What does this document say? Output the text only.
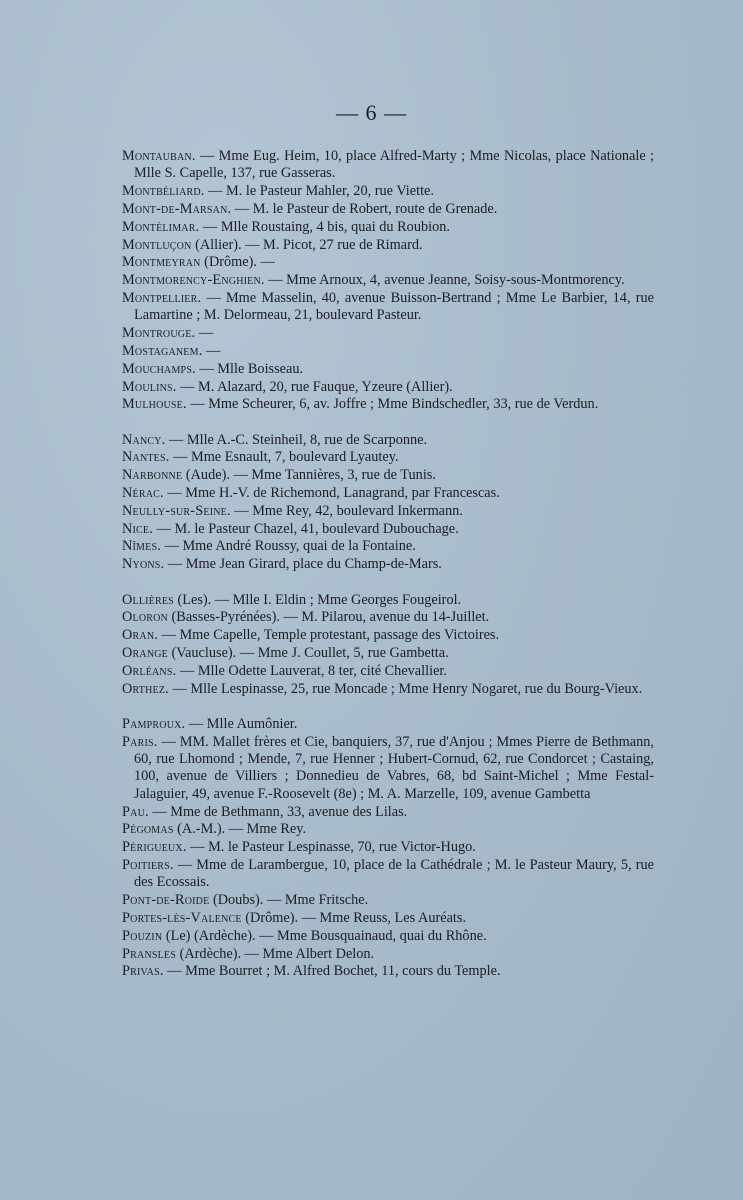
— 6 —

Montauban. — Mme Eug. Heim, 10, place Alfred-Marty ; Mme Nicolas, place Nationale ; Mlle S. Capelle, 137, rue Gasseras.

Montbéliard. — M. le Pasteur Mahler, 20, rue Viette.

Mont-de-Marsan. — M. le Pasteur de Robert, route de Grenade.

Montélimar. — Mlle Roustaing, 4 bis, quai du Roubion.

Montluçon (Allier). — M. Picot, 27 rue de Rimard.

Montmeyran (Drôme). —

Montmorency-Enghien. — Mme Arnoux, 4, avenue Jeanne, Soisy-sous-Montmorency.

Montpellier. — Mme Masselin, 40, avenue Buisson-Bertrand ; Mme Le Barbier, 14, rue Lamartine ; M. Delormeau, 21, boulevard Pasteur.

Montrouge. —

Mostaganem. —

Mouchamps. — Mlle Boisseau.

Moulins. — M. Alazard, 20, rue Fauque, Yzeure (Allier).

Mulhouse. — Mme Scheurer, 6, av. Joffre ; Mme Bindschedler, 33, rue de Verdun.

Nancy. — Mlle A.-C. Steinheil, 8, rue de Scarponne.

Nantes. — Mme Esnault, 7, boulevard Lyautey.

Narbonne (Aude). — Mme Tannières, 3, rue de Tunis.

Nérac. — Mme H.-V. de Richemond, Lanagrand, par Francescas.

Neully-sur-Seine. — Mme Rey, 42, boulevard Inkermann.

Nice. — M. le Pasteur Chazel, 41, boulevard Dubouchage.

Nîmes. — Mme André Roussy, quai de la Fontaine.

Nyons. — Mme Jean Girard, place du Champ-de-Mars.

Ollières (Les). — Mlle I. Eldin ; Mme Georges Fougeirol.

Oloron (Basses-Pyrénées). — M. Pilarou, avenue du 14-Juillet.

Oran. — Mme Capelle, Temple protestant, passage des Victoires.

Orange (Vaucluse). — Mme J. Coullet, 5, rue Gambetta.

Orléans. — Mlle Odette Lauverat, 8 ter, cité Chevallier.

Orthez. — Mlle Lespinasse, 25, rue Moncade ; Mme Henry Nogaret, rue du Bourg-Vieux.

Pamproux. — Mlle Aumônier.

Paris. — MM. Mallet frères et Cie, banquiers, 37, rue d'Anjou ; Mmes Pierre de Bethmann, 60, rue Lhomond ; Mende, 7, rue Henner ; Hubert-Cornud, 62, rue Condorcet ; Castaing, 100, avenue de Villiers ; Donnedieu de Vabres, 68, bd Saint-Michel ; Mme Festal-Jalaguier, 49, avenue F.-Roosevelt (8e) ; M. A. Marzelle, 109, avenue Gambetta

Pau. — Mme de Bethmann, 33, avenue des Lilas.

Pégomas (A.-M.). — Mme Rey.

Périgueux. — M. le Pasteur Lespinasse, 70, rue Victor-Hugo.

Poitiers. — Mme de Larambergue, 10, place de la Cathédrale ; M. le Pasteur Maury, 5, rue des Ecossais.

Pont-de-Roide (Doubs). — Mme Fritsche.

Portes-lès-Valence (Drôme). — Mme Reuss, Les Auréats.

Pouzin (Le) (Ardèche). — Mme Bousquainaud, quai du Rhône.

Pransles (Ardèche). — Mme Albert Delon.

Privas. — Mme Bourret ; M. Alfred Bochet, 11, cours du Temple.
